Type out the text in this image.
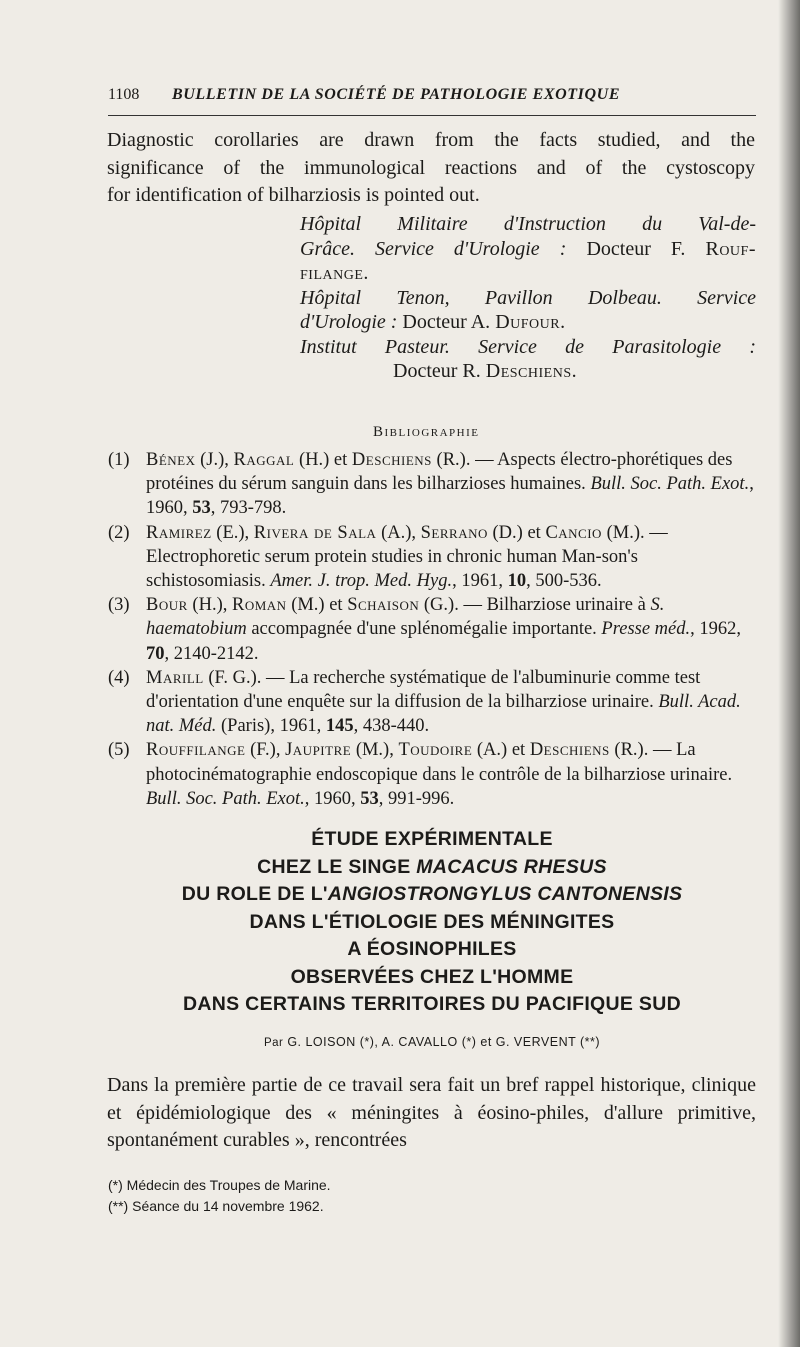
1108 BULLETIN DE LA SOCIÉTÉ DE PATHOLOGIE EXOTIQUE
Diagnostic corollaries are drawn from the facts studied, and the
significance of the immunological reactions and of the cystoscopy
for identification of bilharziosis is pointed out.
Hôpital Militaire d'Instruction du Val-de-
Grâce. Service d'Urologie : Docteur F. Rouf-
filange.
Hôpital Tenon, Pavillon Dolbeau. Service
d'Urologie : Docteur A. Dufour.
Institut Pasteur. Service de Parasitologie :
Docteur R. Deschiens.
Bibliographie

(1) Bénex (J.), Raggal (H.) et Deschiens (R.). — Aspects électro-phorétiques des protéines du sérum sanguin dans les bilharzioses humaines. Bull. Soc. Path. Exot., 1960, 53, 793-798.

(2) Ramirez (E.), Rivera de Sala (A.), Serrano (D.) et Cancio (M.). — Electrophoretic serum protein studies in chronic human Man-son's schistosomiasis. Amer. J. trop. Med. Hyg., 1961, 10, 500-536.

(3) Bour (H.), Roman (M.) et Schaison (G.). — Bilharziose urinaire à S. haematobium accompagnée d'une splénomégalie importante. Presse méd., 1962, 70, 2140-2142.

(4) Marill (F. G.). — La recherche systématique de l'albuminurie comme test d'orientation d'une enquête sur la diffusion de la bilharziose urinaire. Bull. Acad. nat. Méd. (Paris), 1961, 145, 438-440.

(5) Rouffilange (F.), Jaupitre (M.), Toudoire (A.) et Deschiens (R.). — La photocinématographie endoscopique dans le contrôle de la bilharziose urinaire. Bull. Soc. Path. Exot., 1960, 53, 991-996.

ÉTUDE EXPÉRIMENTALE
CHEZ LE SINGE MACACUS RHESUS
DU ROLE DE L'ANGIOSTRONGYLUS CANTONENSIS
DANS L'ÉTIOLOGIE DES MÉNINGITES
A ÉOSINOPHILES
OBSERVÉES CHEZ L'HOMME
DANS CERTAINS TERRITOIRES DU PACIFIQUE SUD
Par G. LOISON (*), A. CAVALLO (*) et G. VERVENT (**)
Dans la première partie de ce travail sera fait un bref rappel historique, clinique et épidémiologique des « méningites à éosino-philes, d'allure primitive, spontanément curables », rencontrées

(*) Médecin des Troupes de Marine.

(**) Séance du 14 novembre 1962.
